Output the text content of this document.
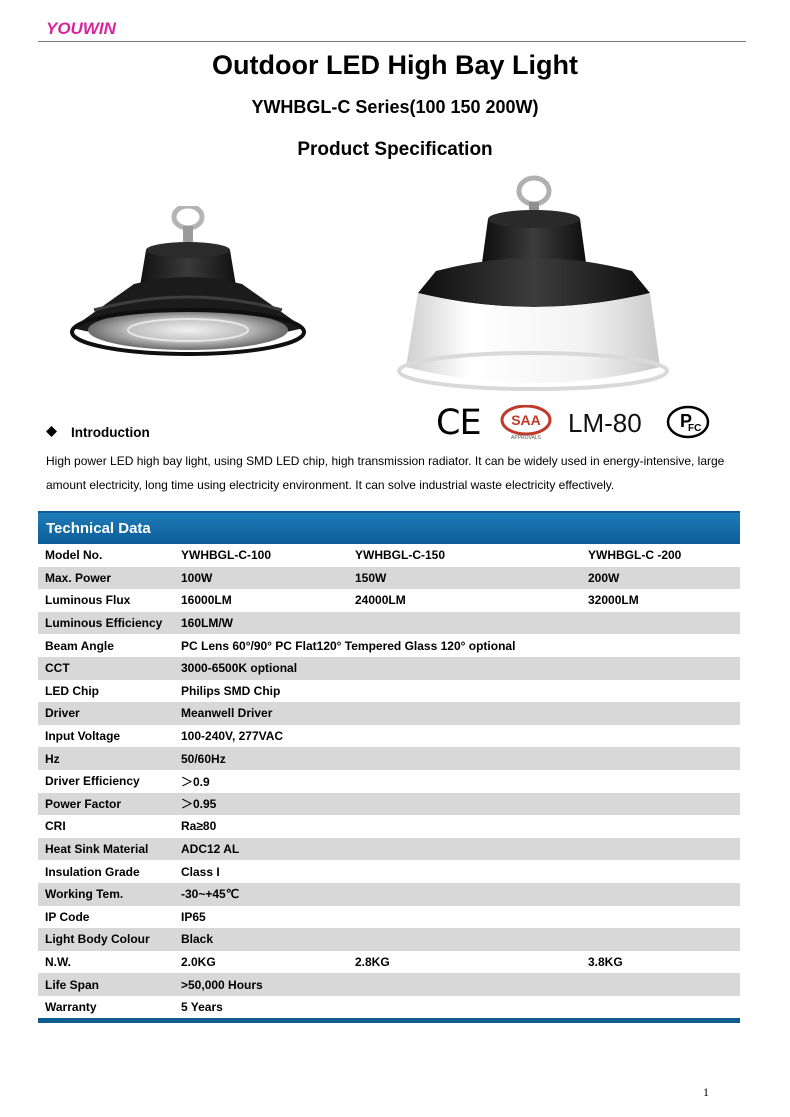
YOUWIN
Outdoor LED High Bay Light
YWHBGL-C Series(100 150 200W)
Product Specification
CE SAA
APPROVALS LM-80 P
FC
Introduction
High power LED high bay light, using SMD LED chip, high transmission radiator. It can be widely used in energy-intensive, large amount electricity, long time using electricity environment. It can solve industrial waste electricity effectively.
Technical Data
Model No.	YWHBGL-C-100	YWHBGL-C-150	YWHBGL-C -200
Max. Power	100W	150W	200W
Luminous Flux	16000LM	24000LM	32000LM
Luminous Efficiency	160LM/W		
Beam Angle	PC Lens 60°/90° PC Flat120° Tempered Glass 120° optional		
CCT	3000-6500K optional		
LED Chip	Philips SMD Chip		
Driver	Meanwell Driver		
Input Voltage	100-240V, 277VAC		
Hz	50/60Hz		
Driver Efficiency	＞0.9		
Power Factor	＞0.95		
CRI	Ra≥80		
Heat Sink Material	ADC12 AL		
Insulation Grade	Class I		
Working Tem.	-30~+45℃		
IP Code	IP65		
Light Body Colour	Black		
N.W.	2.0KG	2.8KG	3.8KG
Life Span	>50,000 Hours		
Warranty	5 Years		
1
